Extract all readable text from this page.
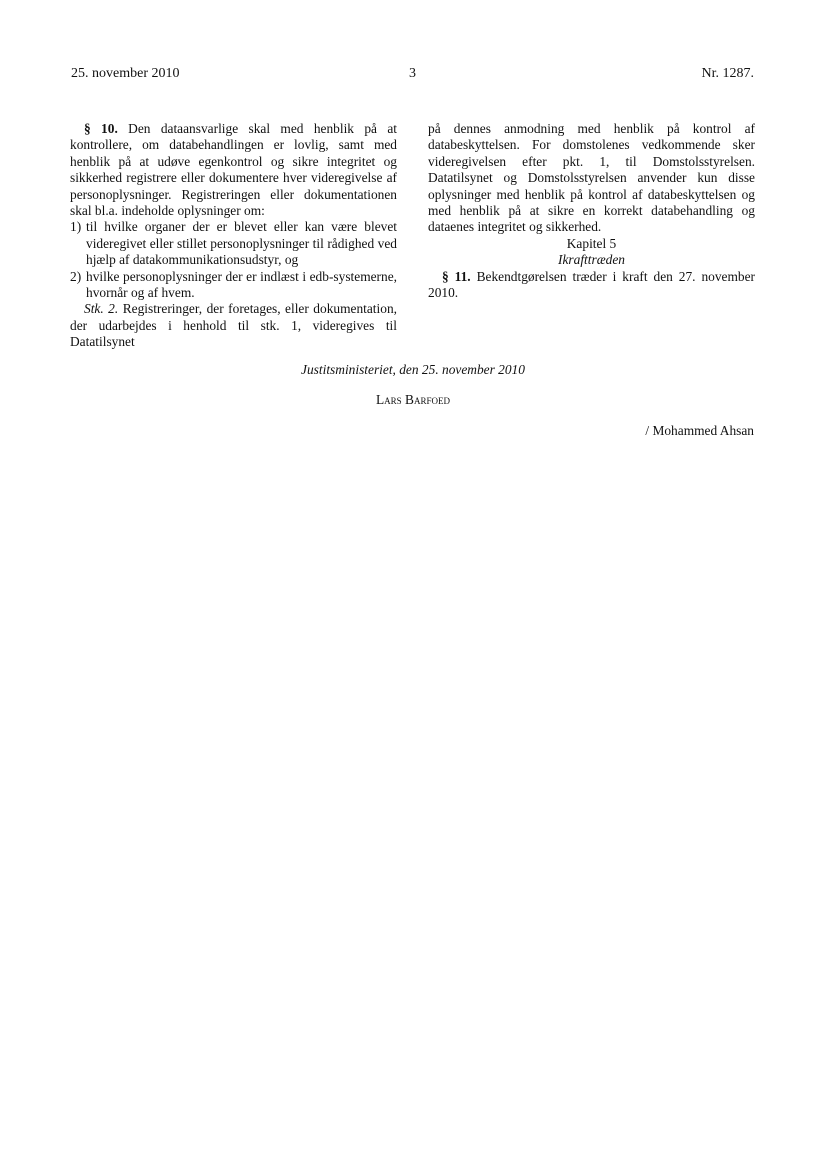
25. november 2010	3	Nr. 1287.

§ 10. Den dataansvarlige skal med henblik på at kontrollere, om databehandlingen er lovlig, samt med henblik på at udøve egenkontrol og sikre integritet og sikkerhed registrere eller dokumentere hver videregivelse af personoplysninger. Registreringen eller dokumentationen skal bl.a. indeholde oplysninger om:

1) til hvilke organer der er blevet eller kan være blevet videregivet eller stillet personoplysninger til rådighed ved hjælp af datakommunikationsudstyr, og
2) hvilke personoplysninger der er indlæst i edb-systemerne, hvornår og af hvem.

Stk. 2. Registreringer, der foretages, eller dokumentation, der udarbejdes i henhold til stk. 1, videregives til Datatilsynet

på dennes anmodning med henblik på kontrol af databeskyttelsen. For domstolenes vedkommende sker videregivelsen efter pkt. 1, til Domstolsstyrelsen. Datatilsynet og Domstolsstyrelsen anvender kun disse oplysninger med henblik på kontrol af databeskyttelsen og med henblik på at sikre en korrekt databehandling og dataenes integritet og sikkerhed.

Kapitel 5

Ikrafttræden

§ 11. Bekendtgørelsen træder i kraft den 27. november 2010.

Justitsministeriet, den 25. november 2010
Lars Barfoed
/ Mohammed Ahsan
